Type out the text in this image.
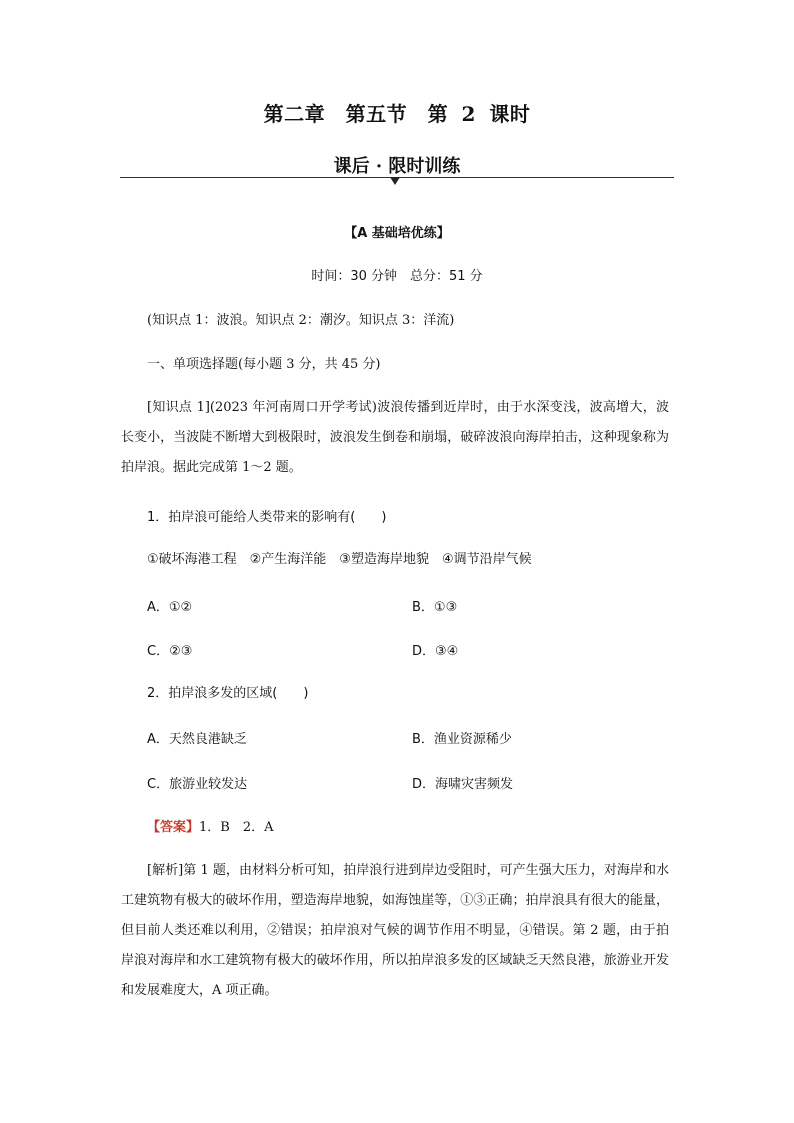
第二章　第五节　第 2 课时
课后 · 限时训练
【A 基础培优练】
时间：30 分钟　总分：51 分
(知识点 1：波浪。知识点 2：潮汐。知识点 3：洋流)
一、单项选择题(每小题 3 分，共 45 分)
[知识点 1](2023 年河南周口开学考试)波浪传播到近岸时，由于水深变浅，波高增大，波长变小，当波陡不断增大到极限时，波浪发生倒卷和崩塌，破碎波浪向海岸拍击，这种现象称为拍岸浪。据此完成第 1～2 题。
1．拍岸浪可能给人类带来的影响有(　　)
①破坏海港工程　②产生海洋能　③塑造海岸地貌　④调节沿岸气候
A．①②	B．①③
C．②③	D．③④
2．拍岸浪多发的区域(　　)
A．天然良港缺乏	B．渔业资源稀少
C．旅游业较发达	D．海啸灾害频发
【答案】1．B　2．A
[解析]第 1 题，由材料分析可知，拍岸浪行进到岸边受阻时，可产生强大压力，对海岸和水工建筑物有极大的破坏作用，塑造海岸地貌，如海蚀崖等，①③正确；拍岸浪具有很大的能量，但目前人类还难以利用，②错误；拍岸浪对气候的调节作用不明显，④错误。第 2 题，由于拍岸浪对海岸和水工建筑物有极大的破坏作用，所以拍岸浪多发的区域缺乏天然良港，旅游业开发和发展难度大，A 项正确。
